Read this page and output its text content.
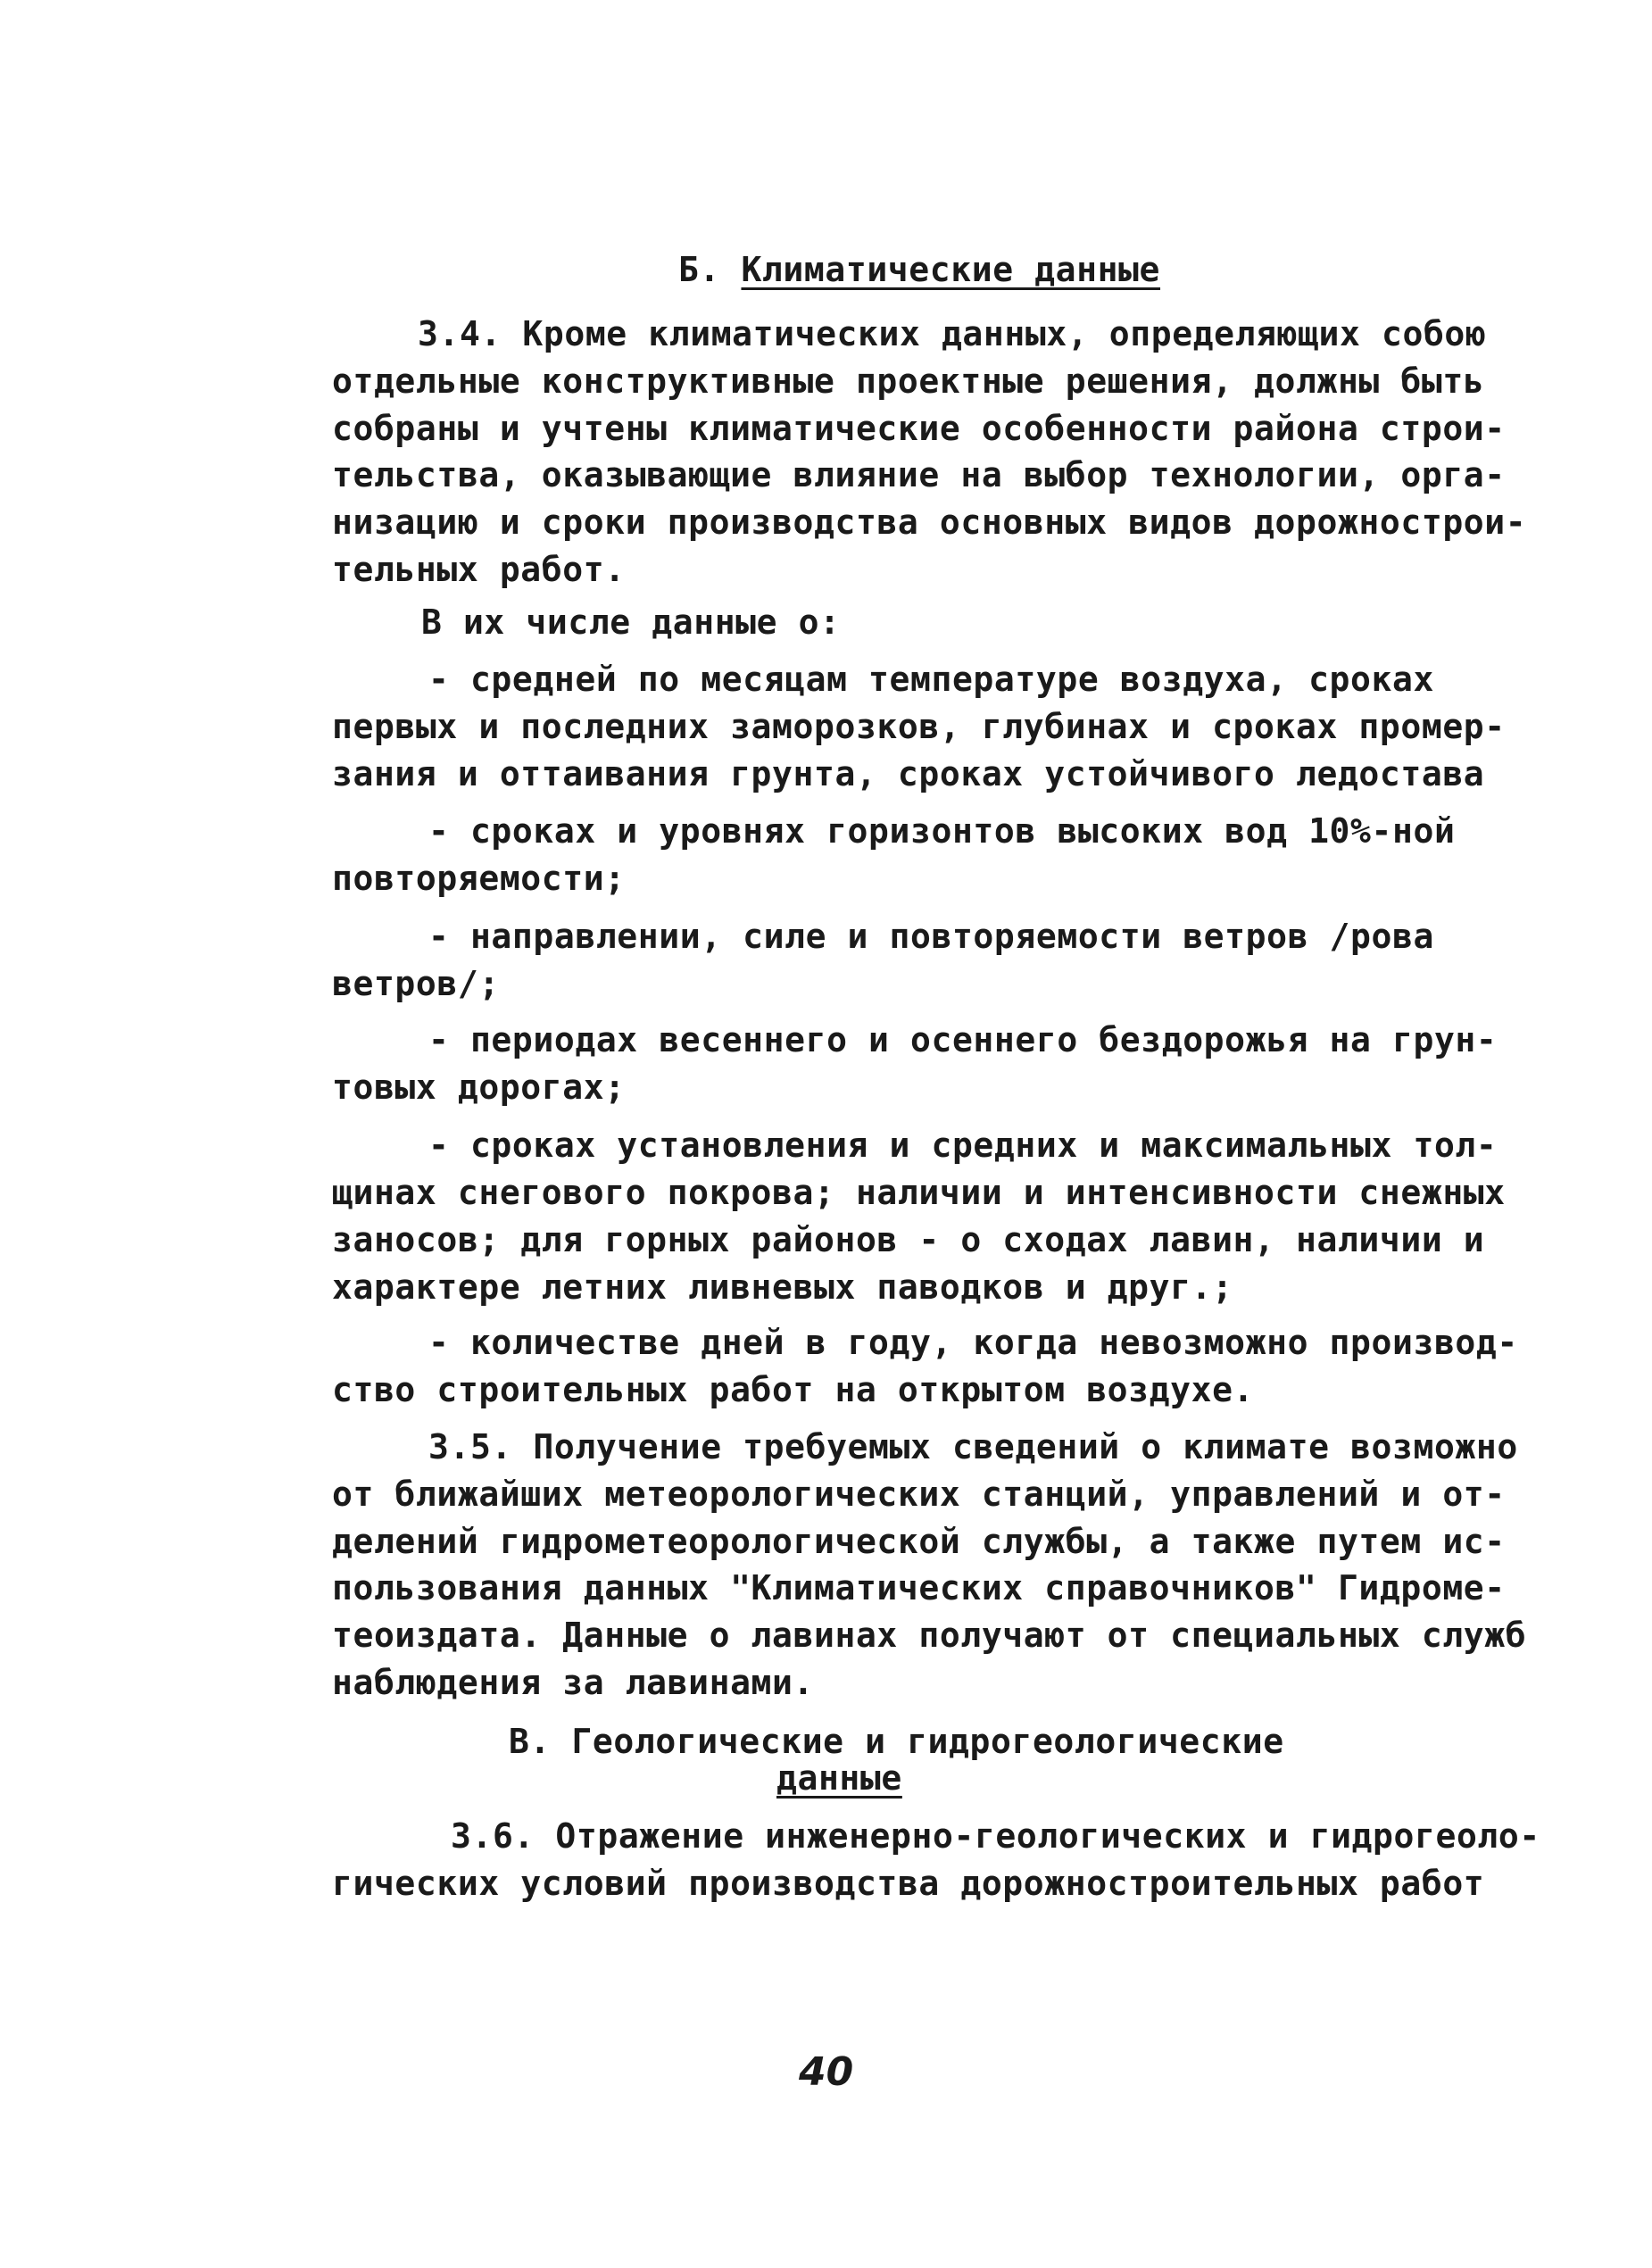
Б. Климатические данные
3.4. Кроме климатических данных, определяющих собою
отдельные конструктивные проектные решения, должны быть
собраны и учтены климатические особенности района строи-
тельства, оказывающие влияние на выбор технологии, орга-
низацию и сроки производства основных видов дорожнострои-
тельных работ.
В их числе данные о:
- средней по месяцам температуре воздуха, сроках
первых и последних заморозков, глубинах и сроках промер-
зания и оттаивания грунта, сроках устойчивого ледостава
- сроках и уровнях горизонтов высоких вод 10%-ной
повторяемости;
- направлении, силе и повторяемости ветров /рова
ветров/;
- периодах весеннего и осеннего бездорожья на грун-
товых дорогах;
- сроках установления и средних и максимальных тол-
щинах снегового покрова; наличии и интенсивности снежных
заносов; для горных районов - о сходах лавин, наличии и
характере летних ливневых паводков и друг.;
- количестве дней в году, когда невозможно производ-
ство строительных работ на открытом воздухе.
3.5. Получение требуемых сведений о климате возможно
от ближайших метеорологических станций, управлений и от-
делений гидрометеорологической службы, а также путем ис-
пользования данных "Климатических справочников" Гидроме-
теоиздата. Данные о лавинах получают от специальных служб
наблюдения за лавинами.
В. Геологические и гидрогеологические
данные
3.6. Отражение инженерно-геологических и гидрогеоло-
гических условий производства дорожностроительных работ
40
